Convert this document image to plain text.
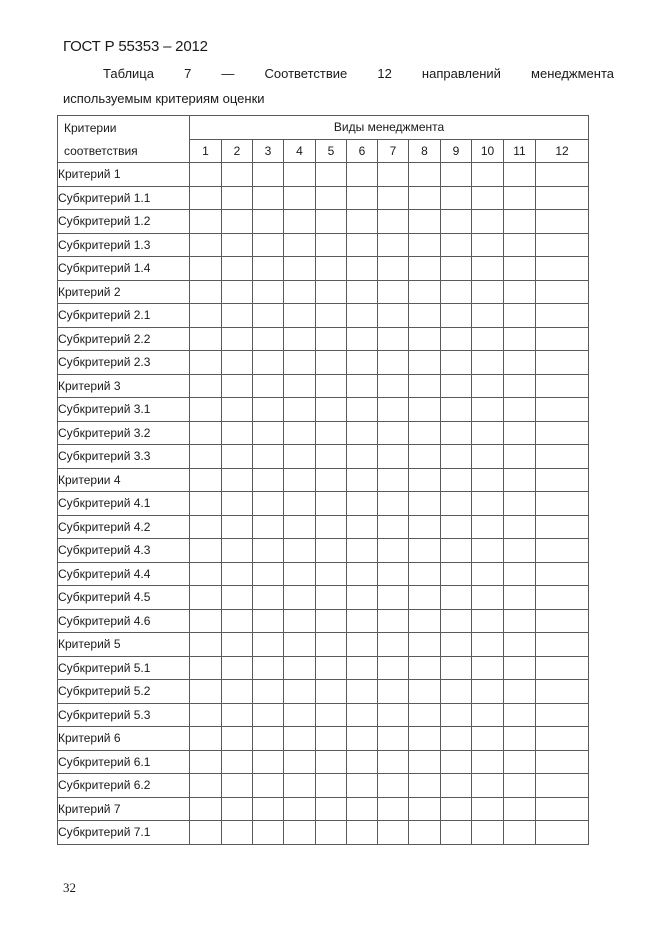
ГОСТ Р 55353 – 2012
Таблица 7 — Соответствие 12 направлений менеджмента
используемым критериям оценки
Критерии	Виды менеджмента											
соответствия	1	2	3	4	5	6	7	8	9	10	11	12
Критерий 1												
Субкритерий 1.1												
Субкритерий 1.2												
Субкритерий 1.3												
Субкритерий 1.4												
Критерий 2												
Субкритерий 2.1												
Субкритерий 2.2												
Субкритерий 2.3												
Критерий 3												
Субкритерий 3.1												
Субкритерий 3.2												
Субкритерий 3.3												
Критерии 4												
Субкритерий 4.1												
Субкритерий 4.2												
Субкритерий 4.3												
Субкритерий 4.4												
Субкритерий 4.5												
Субкритерий 4.6												
Критерий 5												
Субкритерий 5.1												
Субкритерий 5.2												
Субкритерий 5.3												
Критерий 6												
Субкритерий 6.1												
Субкритерий 6.2												
Критерий 7												
Субкритерий 7.1												
32
